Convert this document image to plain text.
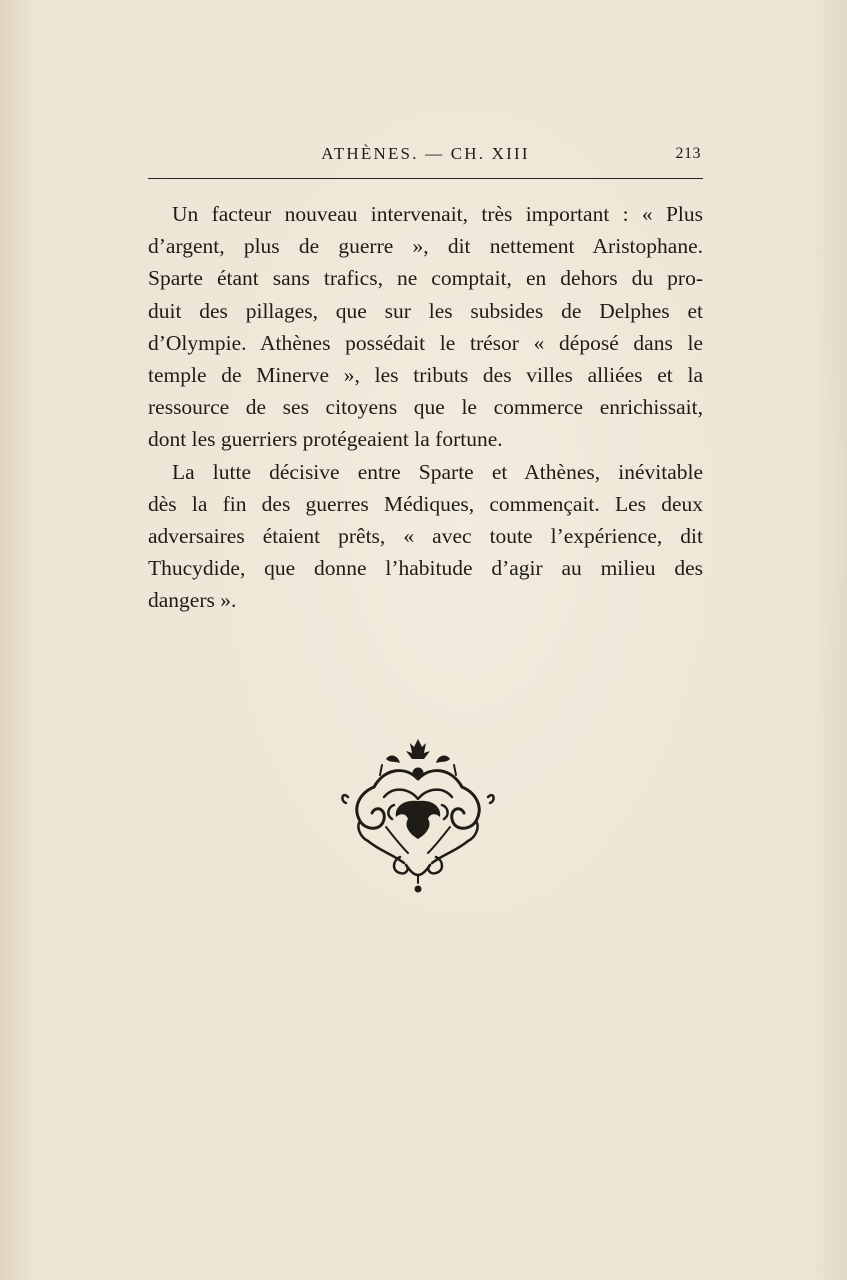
ATHÈNES. — CH. XIII	213
Un facteur nouveau intervenait, très important : « Plus
d’argent, plus de guerre », dit nettement Aristophane.
Sparte étant sans trafics, ne comptait, en dehors du pro-
duit des pillages, que sur les subsides de Delphes et
d’Olympie. Athènes possédait le trésor « déposé dans le
temple de Minerve », les tributs des villes alliées et la
ressource de ses citoyens que le commerce enrichissait,
dont les guerriers protégeaient la fortune.
La lutte décisive entre Sparte et Athènes, inévitable
dès la fin des guerres Médiques, commençait. Les deux
adversaires étaient prêts, « avec toute l’expérience, dit
Thucydide, que donne l’habitude d’agir au milieu des
dangers ».
